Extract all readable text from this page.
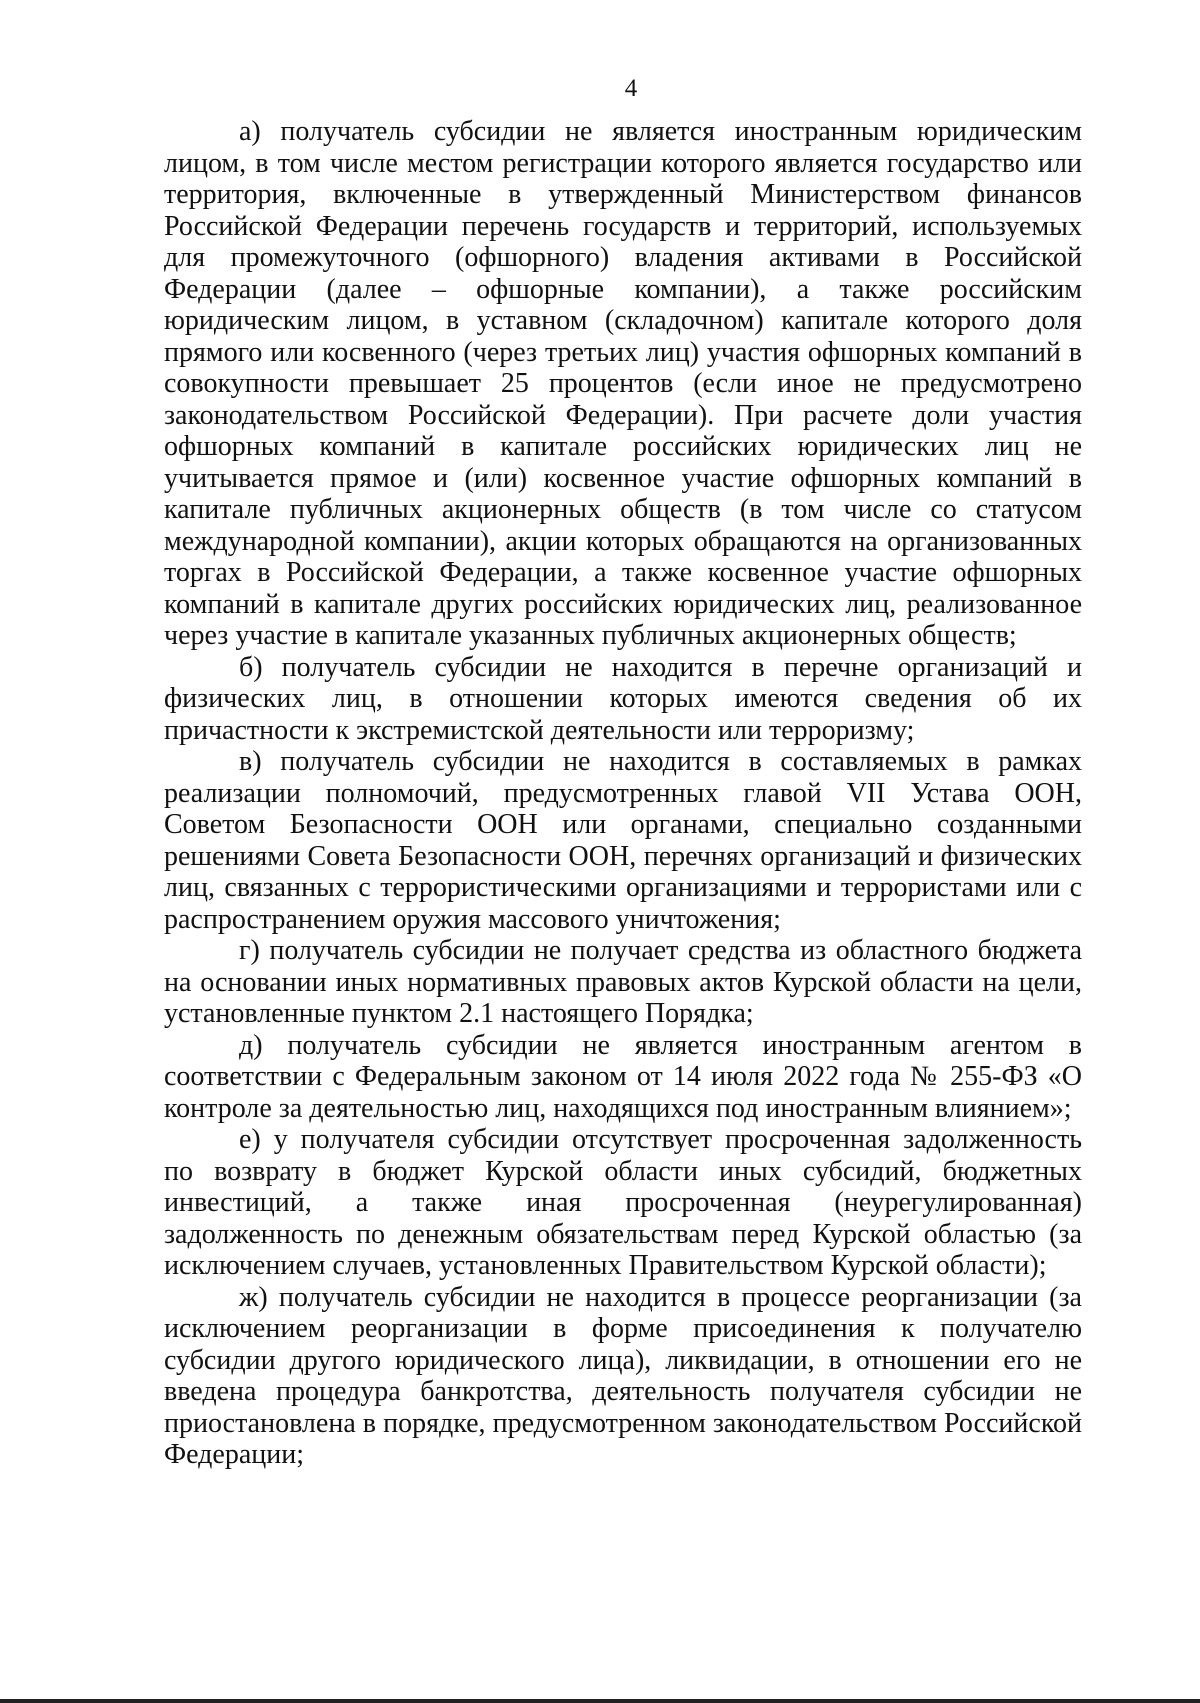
4

а) получатель субсидии не является иностранным юридическим лицом, в том числе местом регистрации которого является государство или территория, включенные в утвержденный Министерством финансов Российской Федерации перечень государств и территорий, используемых для промежуточного (офшорного) владения активами в Российской Федерации (далее – офшорные компании), а также российским юридическим лицом, в уставном (складочном) капитале которого доля прямого или косвенного (через третьих лиц) участия офшорных компаний в совокупности превышает 25 процентов (если иное не предусмотрено законодательством Российской Федерации). При расчете доли участия офшорных компаний в капитале российских юридических лиц не учитывается прямое и (или) косвенное участие офшорных компаний в капитале публичных акционерных обществ (в том числе со статусом международной компании), акции которых обращаются на организованных торгах в Российской Федерации, а также косвенное участие офшорных компаний в капитале других российских юридических лиц, реализованное через участие в капитале указанных публичных акционерных обществ;

б) получатель субсидии не находится в перечне организаций и физических лиц, в отношении которых имеются сведения об их причастности к экстремистской деятельности или терроризму;

в) получатель субсидии не находится в составляемых в рамках реализации полномочий, предусмотренных главой VII Устава ООН, Советом Безопасности ООН или органами, специально созданными решениями Совета Безопасности ООН, перечнях организаций и физических лиц, связанных с террористическими организациями и террористами или с распространением оружия массового уничтожения;

г) получатель субсидии не получает средства из областного бюджета на основании иных нормативных правовых актов Курской области на цели, установленные пунктом 2.1 настоящего Порядка;

д) получатель субсидии не является иностранным агентом в соответствии с Федеральным законом от 14 июля 2022 года № 255-ФЗ «О контроле за деятельностью лиц, находящихся под иностранным влиянием»;

е) у получателя субсидии отсутствует просроченная задолженность по возврату в бюджет Курской области иных субсидий, бюджетных инвестиций, а также иная просроченная (неурегулированная) задолженность по денежным обязательствам перед Курской областью (за исключением случаев, установленных Правительством Курской области);

ж) получатель субсидии не находится в процессе реорганизации (за исключением реорганизации в форме присоединения к получателю субсидии другого юридического лица), ликвидации, в отношении его не введена процедура банкротства, деятельность получателя субсидии не приостановлена в порядке, предусмотренном законодательством Российской Федерации;
